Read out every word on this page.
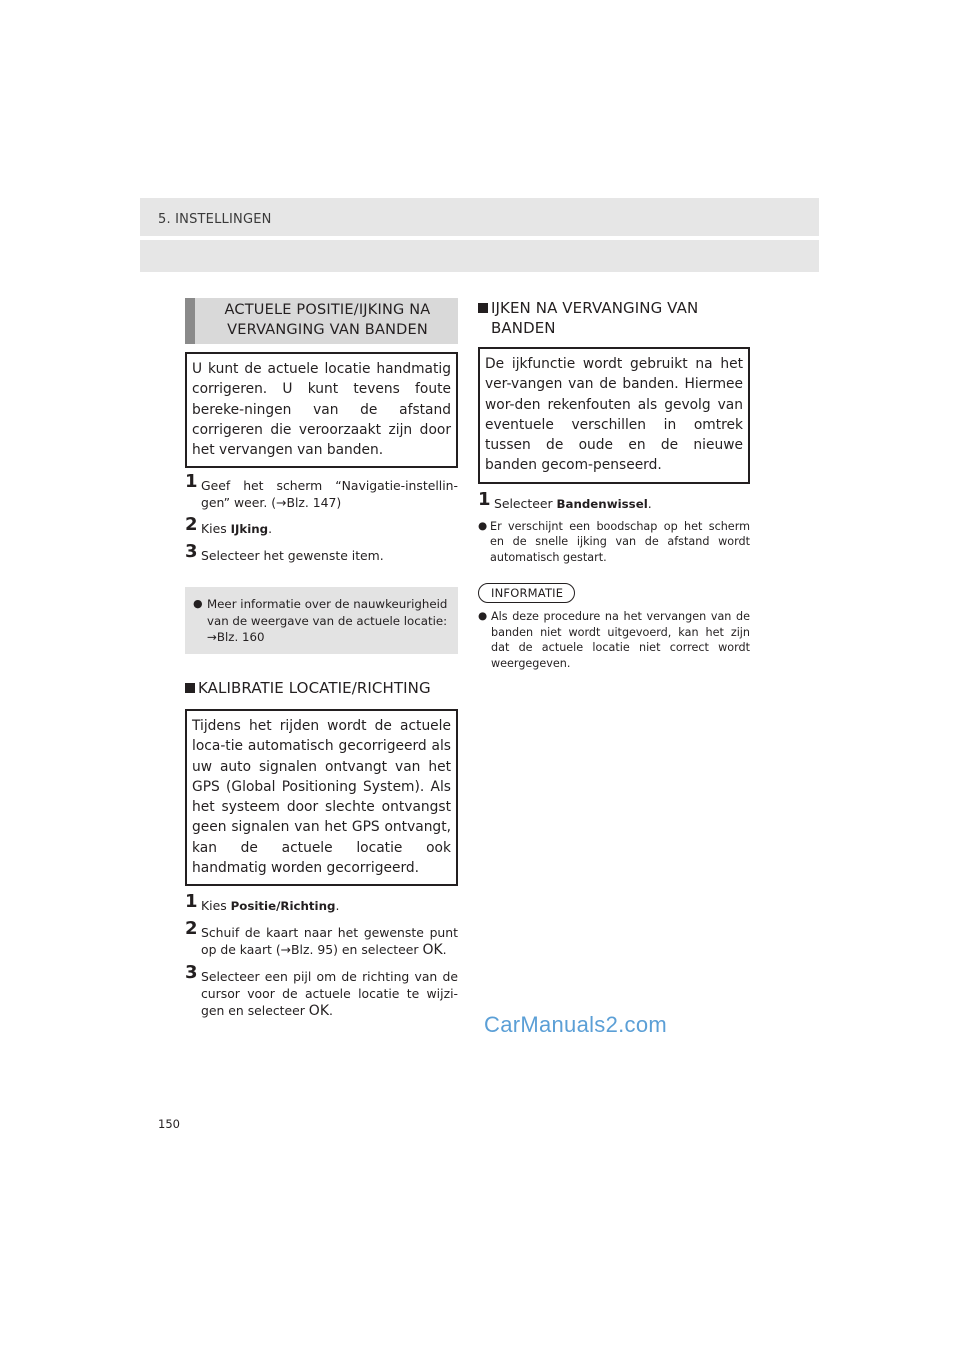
5. INSTELLINGEN
ACTUELE POSITIE/IJKING NA VERVANGING VAN BANDEN
U kunt de actuele locatie handmatig corrigeren. U kunt tevens foute bereke-ningen van de afstand corrigeren die veroorzaakt zijn door het vervangen van banden.
1 Geef het scherm “Navigatie-instellin-gen” weer. (→Blz. 147)
2 Kies IJking.
3 Selecteer het gewenste item.
● Meer informatie over de nauwkeurigheid van de weergave van de actuele locatie: →Blz. 160
KALIBRATIE LOCATIE/RICHTING
Tijdens het rijden wordt de actuele loca-tie automatisch gecorrigeerd als uw auto signalen ontvangt van het GPS (Global Positioning System). Als het systeem door slechte ontvangst geen signalen van het GPS ontvangt, kan de actuele locatie ook handmatig worden gecorrigeerd.
1 Kies Positie/Richting.
2 Schuif de kaart naar het gewenste punt op de kaart (→Blz. 95) en selecteer OK.
3 Selecteer een pijl om de richting van de cursor voor de actuele locatie te wijzi-gen en selecteer OK.
IJKEN NA VERVANGING VAN BANDEN
De ijkfunctie wordt gebruikt na het ver-vangen van de banden. Hiermee wor-den rekenfouten als gevolg van eventuele verschillen in omtrek tussen de oude en de nieuwe banden gecom-penseerd.
1 Selecteer Bandenwissel.
● Er verschijnt een boodschap op het scherm en de snelle ijking van de afstand wordt automatisch gestart.
INFORMATIE
● Als deze procedure na het vervangen van de banden niet wordt uitgevoerd, kan het zijn dat de actuele locatie niet correct wordt weergegeven.
CarManuals2.com
150
